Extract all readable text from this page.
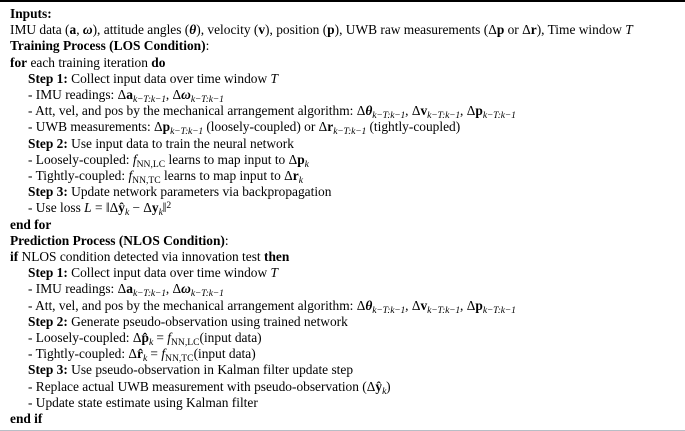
Inputs:
IMU data (a, ω), attitude angles (θ), velocity (v), position (p), UWB raw measurements (Δp or Δr), Time window T
Training Process (LOS Condition):
for each training iteration do
Step 1: Collect input data over time window T
- IMU readings: $\Delta a_{k-T:k-1}$, $\Delta\omega_{k-T:k-1}$
- Att, vel, and pos by the mechanical arrangement algorithm: $\Delta\theta_{k-T:k-1}$, $\Delta v_{k-T:k-1}$, $\Delta p_{k-T:k-1}$
- UWB measurements: $\Delta p_{k-T:k-1}$ (loosely-coupled) or $\Delta r_{k-T:k-1}$ (tightly-coupled)
Step 2: Use input data to train the neural network
- Loosely-coupled: $f_{NN,LC}$ learns to map input to $\Delta p_k$
- Tightly-coupled: $f_{NN,TC}$ learns to map input to $\Delta r_k$
Step 3: Update network parameters via backpropagation
- Use loss $L = ‖\Delta ŷ_k$ − $\Delta y_k‖^2$
end for
Prediction Process (NLOS Condition):
if NLOS condition detected via innovation test then
Step 1: Collect input data over time window T
- IMU readings: $\Delta a_{k-T:k-1}$, $\Delta\omega_{k-T:k-1}$
- Att, vel, and pos by the mechanical arrangement algorithm: $\Delta\theta_{k-T:k-1}$, $\Delta v_{k-T:k-1}$, $\Delta p_{k-T:k-1}$
Step 2: Generate pseudo-observation using trained network
- Loosely-coupled: $\Delta p̂_k$ = $f_{NN,LC}(input$ data)
- Tightly-coupled: $\Delta r̂_k$ = $f_{NN,TC}(input$ data)
Step 3: Use pseudo-observation in Kalman filter update step
- Replace actual UWB measurement with pseudo-observation $(\Delta ŷ_k)$
- Update state estimate using Kalman filter
end if
